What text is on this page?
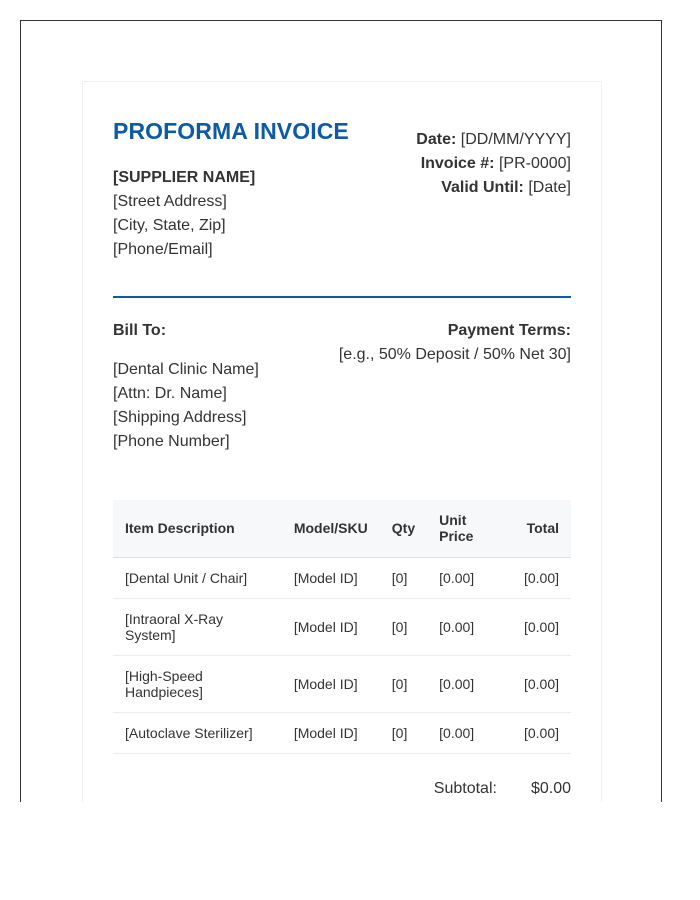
PROFORMA INVOICE
[SUPPLIER NAME]
[Street Address]
[City, State, Zip]
[Phone/Email]
Date: [DD/MM/YYYY]
Invoice #: [PR-0000]
Valid Until: [Date]
Bill To:
[Dental Clinic Name]
[Attn: Dr. Name]
[Shipping Address]
[Phone Number]
Payment Terms:
[e.g., 50% Deposit / 50% Net 30]
Item Description	Model/SKU	Qty	Unit Price	Total
[Dental Unit / Chair]	[Model ID]	[0]	[0.00]	[0.00]
[Intraoral X-Ray System]	[Model ID]	[0]	[0.00]	[0.00]
[High-Speed Handpieces]	[Model ID]	[0]	[0.00]	[0.00]
[Autoclave Sterilizer]	[Model ID]	[0]	[0.00]	[0.00]
Subtotal: $0.00
